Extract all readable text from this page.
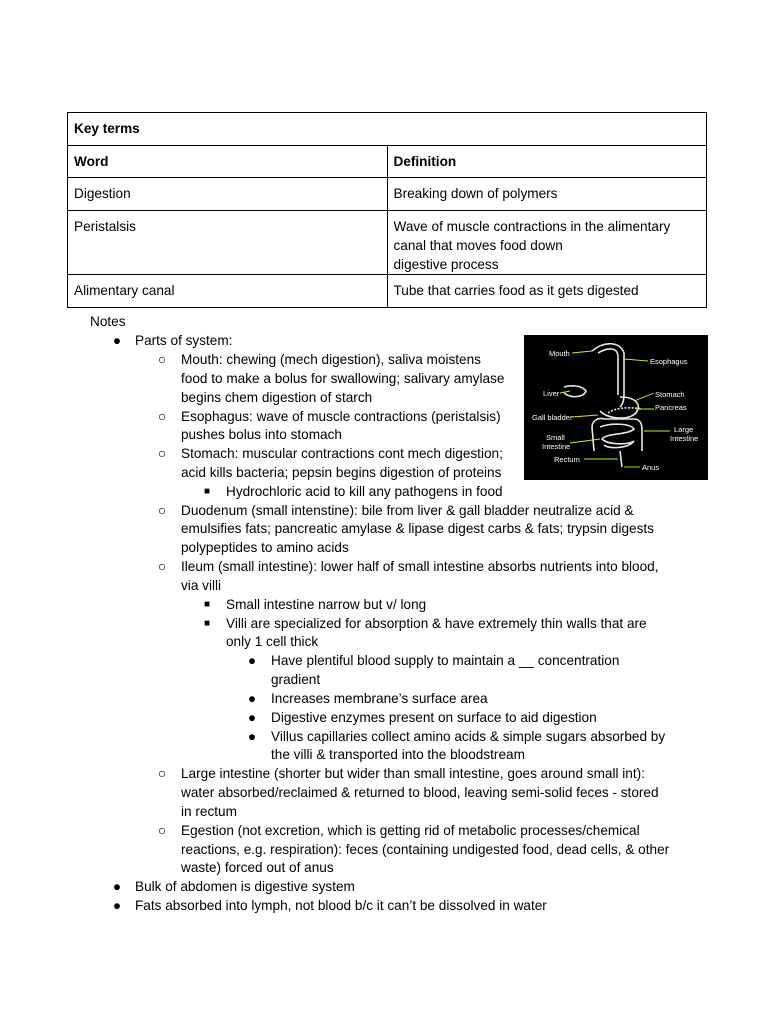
Key terms	
Word	Definition
Digestion	Breaking down of polymers
Peristalsis	Wave of muscle contractions in the alimentary canal that moves food down
digestive process

Alimentary canal	Tube that carries food as it gets digested
Notes
● Parts of system:
○ Mouth: chewing (mech digestion), saliva moistens
food to make a bolus for swallowing; salivary amylase
begins chem digestion of starch
○ Esophagus: wave of muscle contractions (peristalsis)
pushes bolus into stomach
○ Stomach: muscular contractions cont mech digestion;
acid kills bacteria; pepsin begins digestion of proteins
■ Hydrochloric acid to kill any pathogens in food
○ Duodenum (small intenstine): bile from liver & gall bladder neutralize acid &
emulsifies fats; pancreatic amylase & lipase digest carbs & fats; trypsin digests
polypeptides to amino acids
○ Ileum (small intestine): lower half of small intestine absorbs nutrients into blood,
via villi
■ Small intestine narrow but v/ long
■ Villi are specialized for absorption & have extremely thin walls that are
only 1 cell thick
● Have plentiful blood supply to maintain a __ concentration
gradient
● Increases membrane’s surface area
● Digestive enzymes present on surface to aid digestion
● Villus capillaries collect amino acids & simple sugars absorbed by
the villi & transported into the bloodstream
○ Large intestine (shorter but wider than small intestine, goes around small int):
water absorbed/reclaimed & returned to blood, leaving semi-solid feces - stored
in rectum
○ Egestion (not excretion, which is getting rid of metabolic processes/chemical
reactions, e.g. respiration): feces (containing undigested food, dead cells, & other
waste) forced out of anus
● Bulk of abdomen is digestive system
● Fats absorbed into lymph, not blood b/c it can’t be dissolved in water
Mouth
Esophagus
Liver	Stomach
Gall bladder
Pancreas
Large
Intestine
Small
Intestine
Rectum
Anus
